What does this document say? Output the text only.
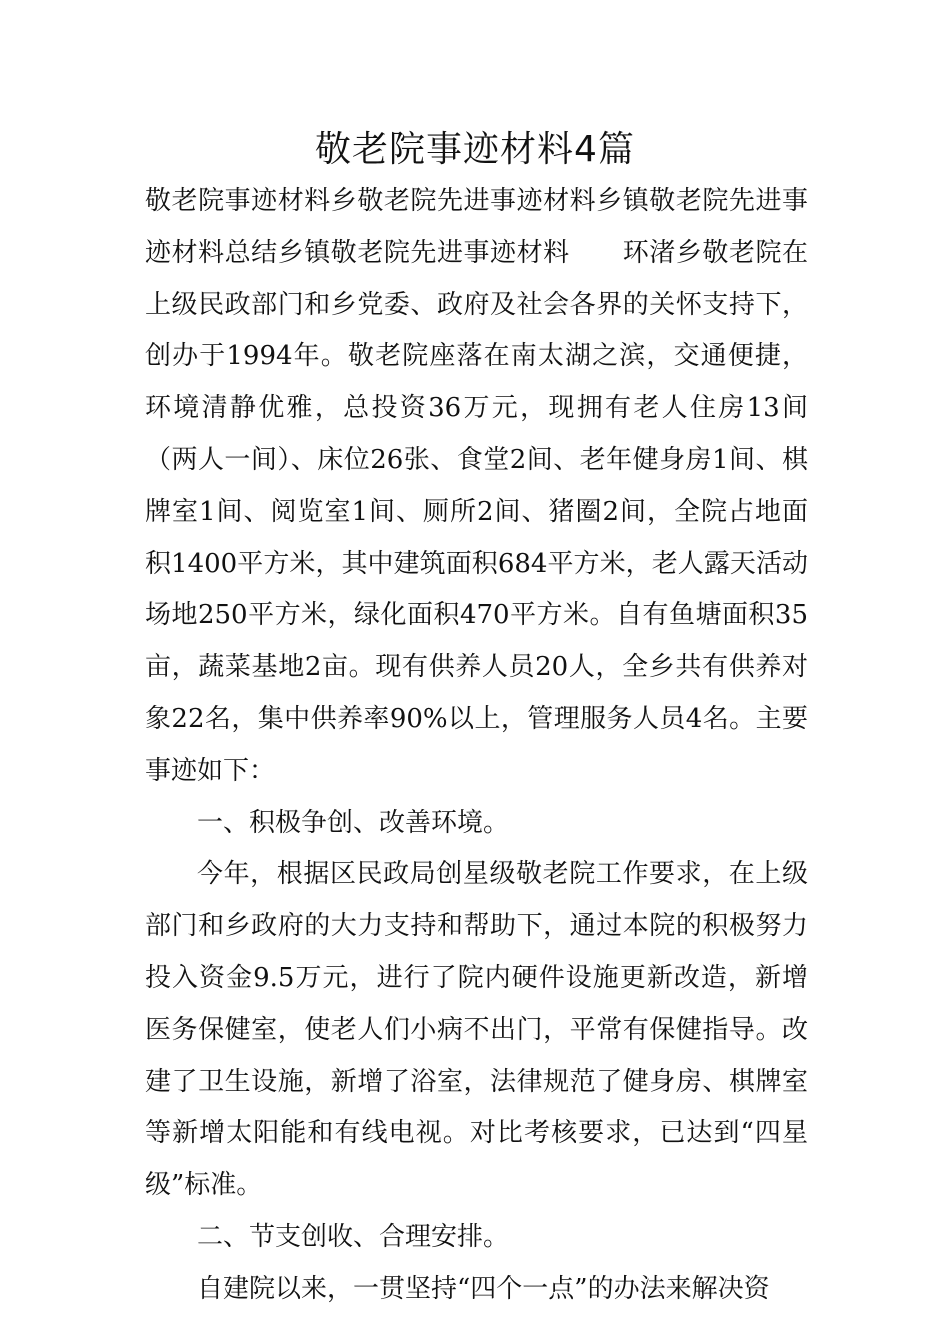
敬老院事迹材料4篇

敬老院事迹材料乡敬老院先进事迹材料乡镇敬老院先进事迹材料总结乡镇敬老院先进事迹材料　　环渚乡敬老院在上级民政部门和乡党委、政府及社会各界的关怀支持下，创办于1994年。敬老院座落在南太湖之滨，交通便捷，环境清静优雅，总投资36万元，现拥有老人住房13间（两人一间）、床位26张、食堂2间、老年健身房1间、棋牌室1间、阅览室1间、厕所2间、猪圈2间，全院占地面积1400平方米，其中建筑面积684平方米，老人露天活动场地250平方米，绿化面积470平方米。自有鱼塘面积35亩，蔬菜基地2亩。现有供养人员20人，全乡共有供养对象22名，集中供养率90%以上，管理服务人员4名。主要事迹如下：

一、积极争创、改善环境。

今年，根据区民政局创星级敬老院工作要求，在上级部门和乡政府的大力支持和帮助下，通过本院的积极努力投入资金9.5万元，进行了院内硬件设施更新改造，新增医务保健室，使老人们小病不出门，平常有保健指导。改建了卫生设施，新增了浴室，法律规范了健身房、棋牌室等新增太阳能和有线电视。对比考核要求，已达到“四星级”标准。

二、节支创收、合理安排。

自建院以来，一贯坚持“四个一点”的办法来解决资
